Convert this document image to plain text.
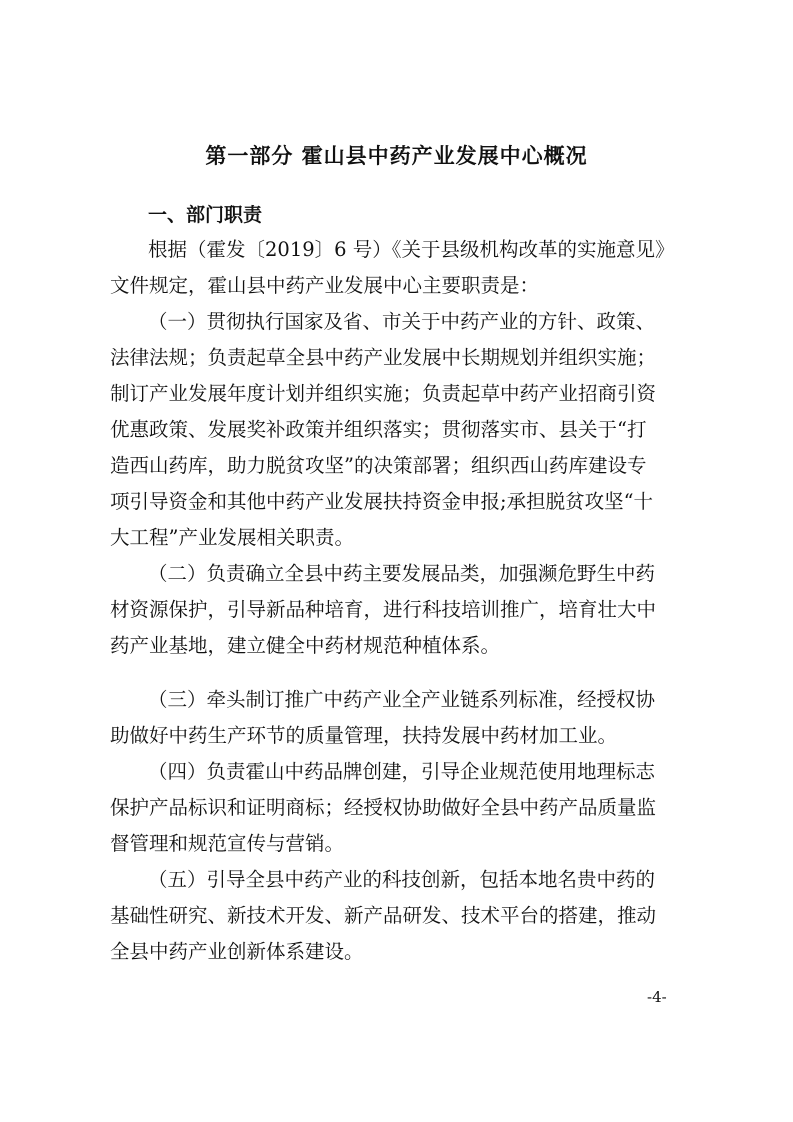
第一部分 霍山县中药产业发展中心概况
一、部门职责
根据（霍发〔2019〕6 号）《关于县级机构改革的实施意见》
文件规定，霍山县中药产业发展中心主要职责是：
（一）贯彻执行国家及省、市关于中药产业的方针、政策、
法律法规；负责起草全县中药产业发展中长期规划并组织实施；
制订产业发展年度计划并组织实施；负责起草中药产业招商引资
优惠政策、发展奖补政策并组织落实；贯彻落实市、县关于“打
造西山药库，助力脱贫攻坚”的决策部署；组织西山药库建设专
项引导资金和其他中药产业发展扶持资金申报;承担脱贫攻坚“十
大工程”产业发展相关职责。
（二）负责确立全县中药主要发展品类，加强濒危野生中药
材资源保护，引导新品种培育，进行科技培训推广，培育壮大中
药产业基地，建立健全中药材规范种植体系。
（三）牵头制订推广中药产业全产业链系列标准，经授权协
助做好中药生产环节的质量管理，扶持发展中药材加工业。
（四）负责霍山中药品牌创建，引导企业规范使用地理标志
保护产品标识和证明商标；经授权协助做好全县中药产品质量监
督管理和规范宣传与营销。
（五）引导全县中药产业的科技创新，包括本地名贵中药的
基础性研究、新技术开发、新产品研发、技术平台的搭建，推动
全县中药产业创新体系建设。
-4-
